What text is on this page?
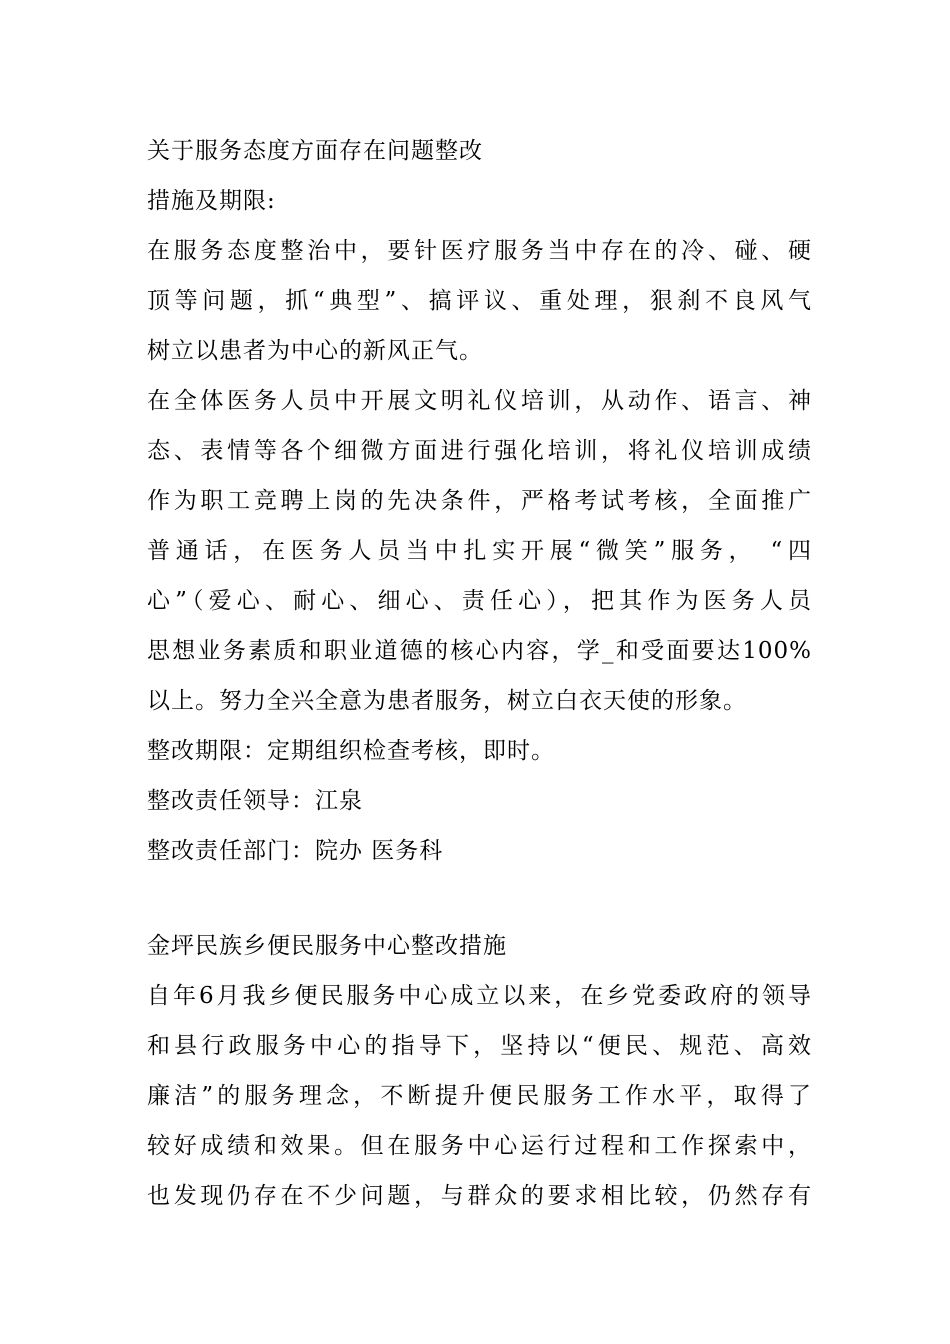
关于服务态度方面存在问题整改
措施及期限:
在服务态度整治中，要针医疗服务当中存在的冷、碰、硬
顶等问题，抓“典型”、搞评议、重处理，狠刹不良风气
树立以患者为中心的新风正气。
在全体医务人员中开展文明礼仪培训，从动作、语言、神
态、表情等各个细微方面进行强化培训，将礼仪培训成绩
作为职工竞聘上岗的先决条件，严格考试考核，全面推广
普通话，在医务人员当中扎实开展“微笑”服务， “四
心”（爱心、耐心、细心、责任心），把其作为医务人员
思想业务素质和职业道德的核心内容，学_和受面要达100%
以上。努力全兴全意为患者服务，树立白衣天使的形象。
整改期限：定期组织检查考核，即时。
整改责任领导：江泉
整改责任部门：院办 医务科
金坪民族乡便民服务中心整改措施
自年6月我乡便民服务中心成立以来，在乡党委政府的领导
和县行政服务中心的指导下，坚持以“便民、规范、高效
廉洁”的服务理念，不断提升便民服务工作水平，取得了
较好成绩和效果。但在服务中心运行过程和工作探索中，
也发现仍存在不少问题，与群众的要求相比较，仍然存有
